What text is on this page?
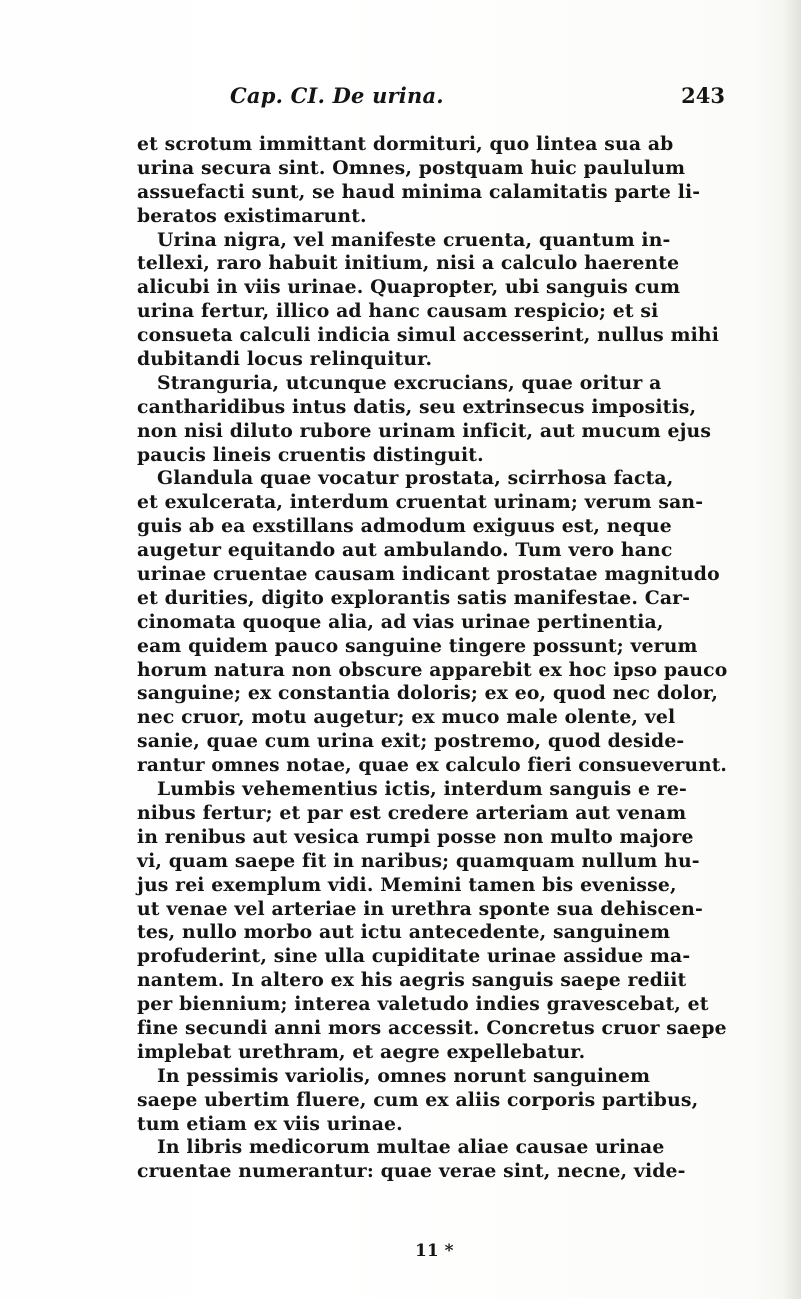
Cap. CI. De urina.	243
et scrotum immittant dormituri, quo lintea sua ab
urina secura sint. Omnes, postquam huic paululum
assuefacti sunt, se haud minima calamitatis parte li-
beratos existimarunt.
Urina nigra, vel manifeste cruenta, quantum in-
tellexi, raro habuit initium, nisi a calculo haerente
alicubi in viis urinae. Quapropter, ubi sanguis cum
urina fertur, illico ad hanc causam respicio; et si
consueta calculi indicia simul accesserint, nullus mihi
dubitandi locus relinquitur.
Stranguria, utcunque excrucians, quae oritur a
cantharidibus intus datis, seu extrinsecus impositis,
non nisi diluto rubore urinam inficit, aut mucum ejus
paucis lineis cruentis distinguit.
Glandula quae vocatur prostata, scirrhosa facta,
et exulcerata, interdum cruentat urinam; verum san-
guis ab ea exstillans admodum exiguus est, neque
augetur equitando aut ambulando. Tum vero hanc
urinae cruentae causam indicant prostatae magnitudo
et durities, digito explorantis satis manifestae. Car-
cinomata quoque alia, ad vias urinae pertinentia,
eam quidem pauco sanguine tingere possunt; verum
horum natura non obscure apparebit ex hoc ipso pauco
sanguine; ex constantia doloris; ex eo, quod nec dolor,
nec cruor, motu augetur; ex muco male olente, vel
sanie, quae cum urina exit; postremo, quod deside-
rantur omnes notae, quae ex calculo fieri consueverunt.
Lumbis vehementius ictis, interdum sanguis e re-
nibus fertur; et par est credere arteriam aut venam
in renibus aut vesica rumpi posse non multo majore
vi, quam saepe fit in naribus; quamquam nullum hu-
jus rei exemplum vidi. Memini tamen bis evenisse,
ut venae vel arteriae in urethra sponte sua dehiscen-
tes, nullo morbo aut ictu antecedente, sanguinem
profuderint, sine ulla cupiditate urinae assidue ma-
nantem. In altero ex his aegris sanguis saepe rediit
per biennium; interea valetudo indies gravescebat, et
fine secundi anni mors accessit. Concretus cruor saepe
implebat urethram, et aegre expellebatur.
In pessimis variolis, omnes norunt sanguinem
saepe ubertim fluere, cum ex aliis corporis partibus,
tum etiam ex viis urinae.
In libris medicorum multae aliae causae urinae
cruentae numerantur: quae verae sint, necne, vide-
11 *
